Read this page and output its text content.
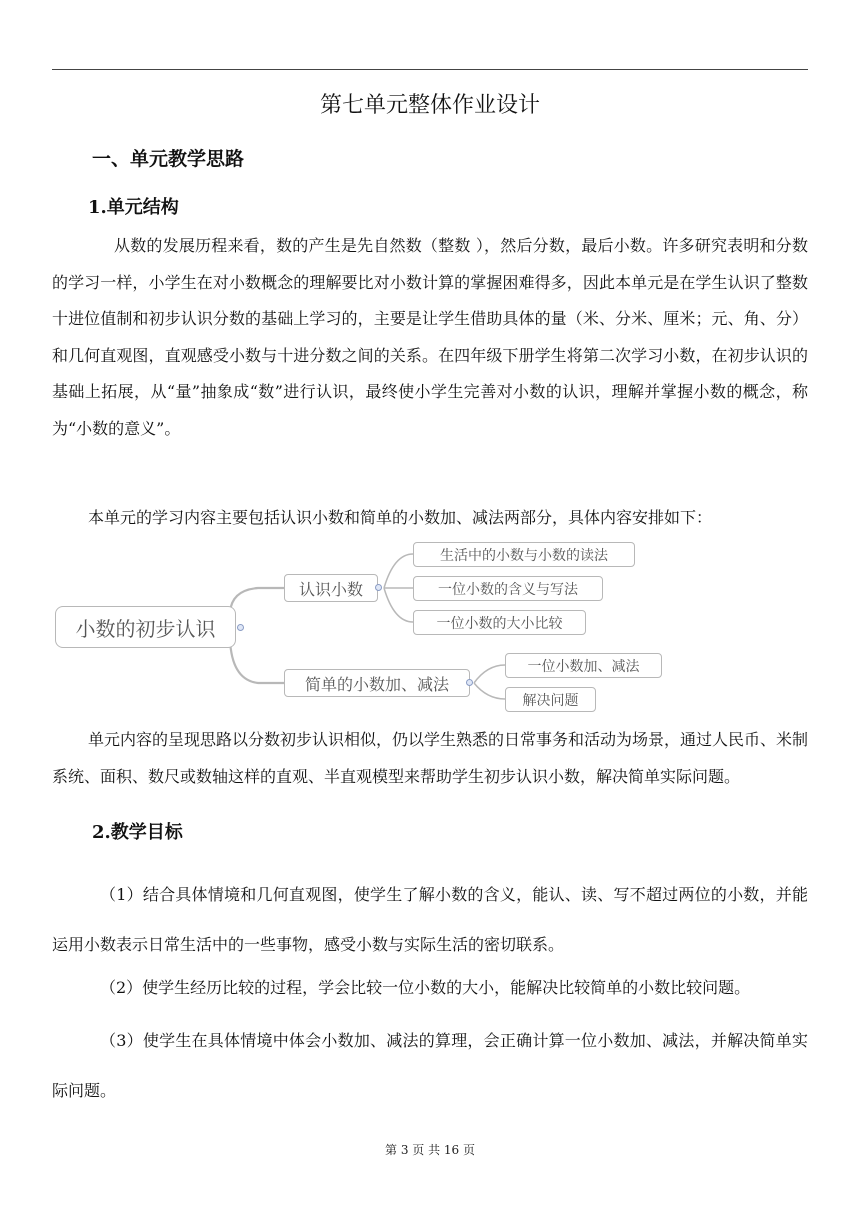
第七单元整体作业设计
一、单元教学思路
1.单元结构

从数的发展历程来看，数的产生是先自然数（整数 ），然后分数，最后小数。许多研究表明和分数的学习一样，小学生在对小数概念的理解要比对小数计算的掌握困难得多，因此本单元是在学生认识了整数十进位值制和初步认识分数的基础上学习的，主要是让学生借助具体的量（米、分米、厘米；元、角、分）和几何直观图，直观感受小数与十进分数之间的关系。在四年级下册学生将第二次学习小数，在初步认识的基础上拓展，从“量”抽象成“数”进行认识，最终使小学生完善对小数的认识，理解并掌握小数的概念，称为“小数的意义”。

本单元的学习内容主要包括认识小数和简单的小数加、减法两部分，具体内容安排如下：
小数的初步认识
认识小数
生活中的小数与小数的读法
一位小数的含义与写法
一位小数的大小比较
简单的小数加、减法
一位小数加、减法
解决问题

单元内容的呈现思路以分数初步认识相似，仍以学生熟悉的日常事务和活动为场景，通过人民币、米制系统、面积、数尺或数轴这样的直观、半直观模型来帮助学生初步认识小数，解决简单实际问题。

2.教学目标

（1）结合具体情境和几何直观图，使学生了解小数的含义，能认、读、写不超过两位的小数，并能运用小数表示日常生活中的一些事物，感受小数与实际生活的密切联系。

（2）使学生经历比较的过程，学会比较一位小数的大小，能解决比较简单的小数比较问题。

（3）使学生在具体情境中体会小数加、减法的算理，会正确计算一位小数加、减法，并解决简单实际问题。

第 3 页 共 16 页
